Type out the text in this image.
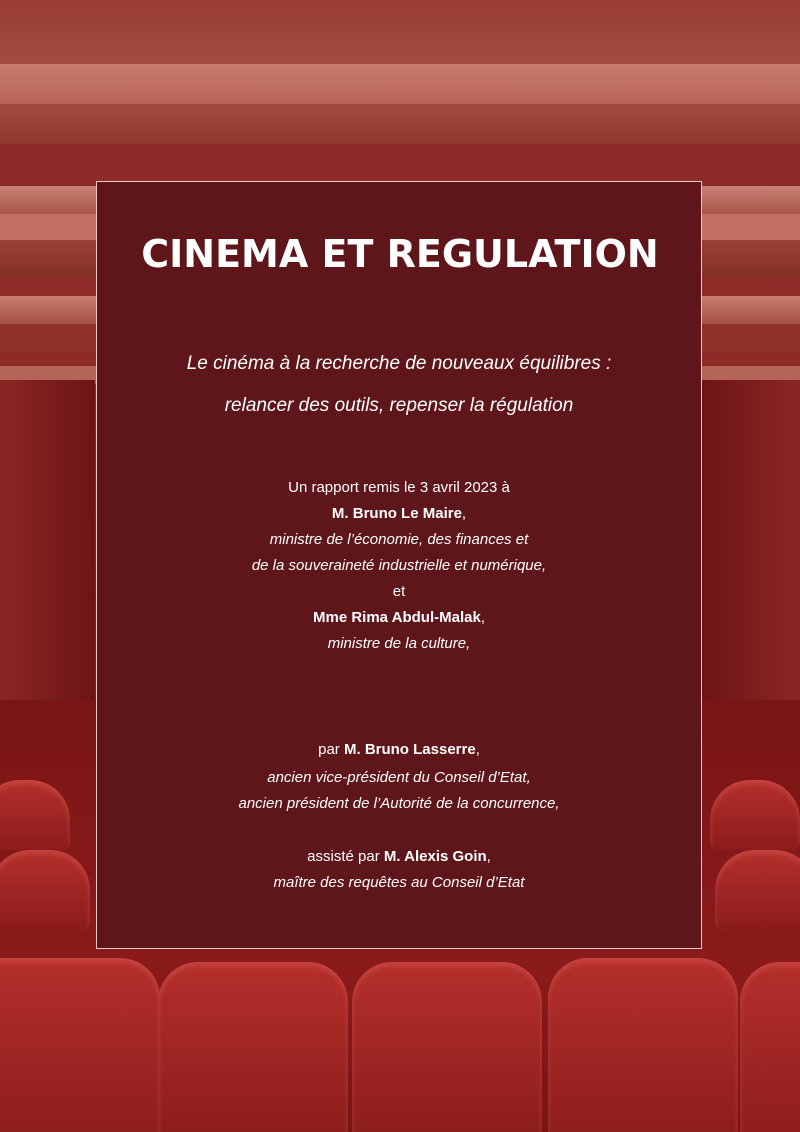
CINEMA ET REGULATION

Le cinéma à la recherche de nouveaux équilibres :

relancer des outils, repenser la régulation

Un rapport remis le 3 avril 2023 à

M. Bruno Le Maire,

ministre de l’économie, des finances et

de la souveraineté industrielle et numérique,

et

Mme Rima Abdul-Malak,

ministre de la culture,

par M. Bruno Lasserre,

ancien vice-président du Conseil d’Etat,

ancien président de l’Autorité de la concurrence,

assisté par M. Alexis Goin,

maître des requêtes au Conseil d’Etat
